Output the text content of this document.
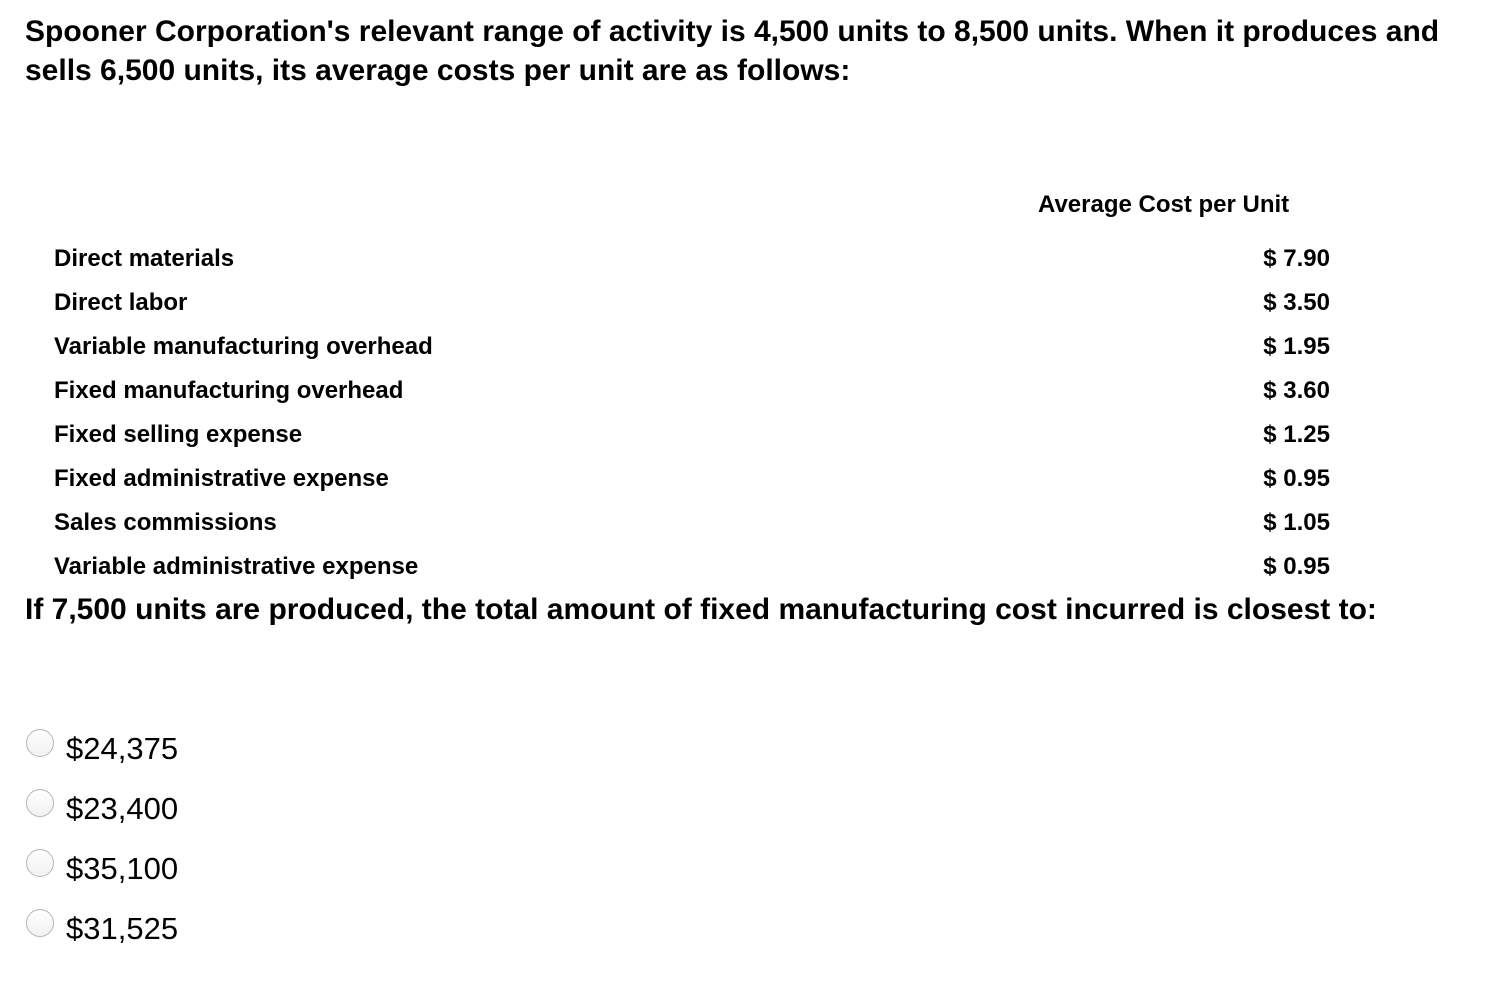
Spooner Corporation's relevant range of activity is 4,500 units to 8,500 units. When it produces and sells 6,500 units, its average costs per unit are as follows:

Average Cost per Unit
Direct materials	$ 7.90
Direct labor	$ 3.50
Variable manufacturing overhead	$ 1.95
Fixed manufacturing overhead	$ 3.60
Fixed selling expense	$ 1.25
Fixed administrative expense	$ 0.95
Sales commissions	$ 1.05
Variable administrative expense	$ 0.95

If 7,500 units are produced, the total amount of fixed manufacturing cost incurred is closest to:

$24,375
$23,400
$35,100
$31,525
